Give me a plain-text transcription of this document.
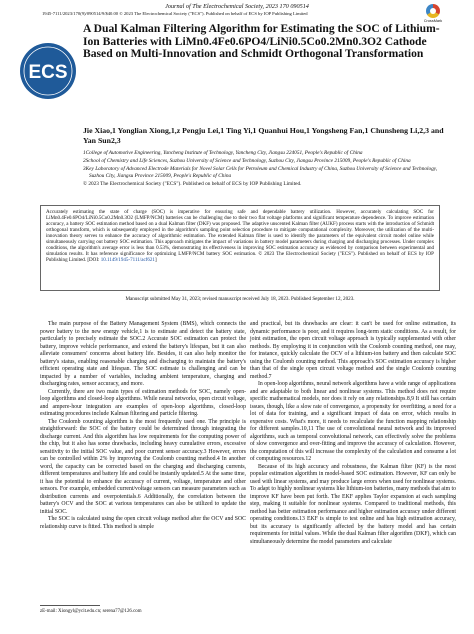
Journal of The Electrochemical Society, 2023 170 090514
1945-7111/2023/170(9)/090514/9/$40.00 © 2023 The Electrochemical Society ("ECS"). Published on behalf of ECS by IOP Publishing Limited
CrossMark
ECS
A Dual Kalman Filtering Algorithm for Estimating the SOC of Lithium-Ion Batteries with LiMn0.4Fe0.6PO4/LiNi0.5Co0.2Mn0.3O2 Cathode Based on Multi-Innovation and Schmidt Orthogonal Transformation
Jie Xiao,1 Yonglian Xiong,1,z Pengju Lei,1 Ting Yi,1 Quanhui Hou,1 Yongsheng Fan,1 Chunsheng Li,2,3 and Yan Sun2,3

1College of Automotive Engineering, Yancheng Institute of Technology, Yancheng City, Jiangsu 224051, People's Republic of China

2School of Chemistry and Life Sciences, Suzhou University of Science and Technology, Suzhou City, Jiangsu Province 215009, People's Republic of China

3Key Laboratory of Advanced Electrode Materials for Novel Solar Cells for Petroleum and Chemical Industry of China, Suzhou University of Science and Technology, Suzhou City, Jiangsu Province 215009, People's Republic of China

© 2023 The Electrochemical Society ("ECS"). Published on behalf of ECS by IOP Publishing Limited.

Accurately estimating the state of charge (SOC) is imperative for ensuring safe and dependable battery utilization. However, accurately calculating SOC for LiMn0.4Fe0.6PO4/LiNi0.5Co0.2Mn0.3O2 (LMFP/NCM) batteries can be challenging due to their two flat voltage platforms and significant temperature dependence. To improve estimation accuracy, a battery SOC estimation method based on a dual Kalman filter (DKF) was proposed. The adaptive unscented Kalman filter (AUKF) process starts with the introduction of Schmidt orthogonal transform, which is subsequently employed in the algorithm's sampling point selection procedure to mitigate computational complexity. Moreover, the utilization of the multi-innovation theory serves to enhance the accuracy of algorithmic estimation. The extended Kalman filter is used to identify the parameters of the equivalent circuit model online while simultaneously carrying out battery SOC estimation. This approach mitigates the impact of variations in battery model parameters during charging and discharging processes. Under complex conditions, the algorithm's average error is less than 0.53%, demonstrating its effectiveness in improving SOC estimation accuracy as evidenced by comparison between experimental and simulation results. It has reference significance for optimizing LMFP/NCM battery SOC estimation. © 2023 The Electrochemical Society ("ECS"). Published on behalf of ECS by IOP Publishing Limited. [DOI: 10.1149/1945-7111/acf621]
Manuscript submitted May 31, 2023; revised manuscript received July 18, 2023. Published September 12, 2023.

The main purpose of the Battery Management System (BMS), which connects the power battery to the new energy vehicle,1 is to estimate and detect the battery state, particularly to precisely estimate the SOC.2 Accurate SOC estimation can protect the battery, improve vehicle performance, and extend the battery's lifespan, but it can also alleviate consumers' concerns about battery life. Besides, it can also help monitor the battery's status, enabling reasonable charging and discharging to maintain the battery's efficient operating state and lifespan. The SOC estimate is challenging and can be impacted by a number of variables, including ambient temperature, charging and discharging rates, sensor accuracy, and more.

Currently, there are two main types of estimation methods for SOC, namely open-loop algorithms and closed-loop algorithms. While neural networks, open circuit voltage, and ampere-hour integration are examples of open-loop algorithms, closed-loop estimating procedures include Kalman filtering and particle filtering.

The Coulomb counting algorithm is the most frequently used one. The principle is straightforward: the SOC of the battery could be determined through integrating the discharge current. And this algorithm has low requirements for the computing power of the chip, but it also has some drawbacks, including heavy cumulative errors, excessive sensitivity to the initial SOC value, and poor current sensor accuracy.3 However, errors can be controlled within 2% by improving the Coulomb counting method.4 In another word, the capacity can be corrected based on the charging and discharging currents, different temperatures and battery life and could be instantly updated.5 At the same time, it has the potential to enhance the accuracy of current, voltage, temperature and other sensors. For example, embedded current/voltage sensors can measure parameters such as distribution currents and overpotentials.6 Additionally, the correlation between the battery's OCV and the SOC at various temperatures can also be utilized to update the initial SOC.

The SOC is calculated using the open circuit voltage method after the OCV and SOC relationship curve is fitted. This method is simple

and practical, but its drawbacks are clear: it can't be used for online estimation, its dynamic performance is poor, and it requires long-term static conditions. As a result, for joint estimation, the open circuit voltage approach is typically supplemented with other methods. By employing it in conjunction with the Coulomb counting method, one may, for instance, quickly calculate the OCV of a lithium-ion battery and then calculate SOC using the Coulomb counting method. This approach's SOC estimation accuracy is higher than that of the single open circuit voltage method and the single Coulomb counting method.7

In open-loop algorithms, neural network algorithms have a wide range of applications and are adaptable to both linear and nonlinear systems. This method does not require specific mathematical models, nor does it rely on any relationships.8,9 It still has certain issues, though, like a slow rate of convergence, a propensity for overfitting, a need for a lot of data for training, and a significant impact of data on error, which results in expensive costs. What's more, it needs to recalculate the function mapping relationship for different samples.10,11 The use of convolutional neural network and its improved algorithms, such as temporal convolutional network, can effectively solve the problems of slow convergence and over-fitting and improve the accuracy of calculation. However, the computation of this will increase the complexity of the calculation and consume a lot of computing resources.12

Because of its high accuracy and robustness, the Kalman filter (KF) is the most popular estimation algorithm in model-based SOC estimation. However, KF can only be used with linear systems, and may produce large errors when used for nonlinear systems. To adapt to highly nonlinear systems like lithium-ion batteries, many methods that aim to improve KF have been put forth. The EKF applies Taylor expansion at each sampling step, making it suitable for nonlinear systems. Compared to traditional methods, this method has better estimation performance and higher estimation accuracy under different operating conditions.13 EKF is simple to test online and has high estimation accuracy, but its accuracy is significantly affected by the battery model and has certain requirements for initial values. While the dual Kalman filter algorithm (DKF), which can simultaneously determine the model parameters and calculate

zE-mail: Xiongyl@ycit.edu.cn; serena77@126.com
